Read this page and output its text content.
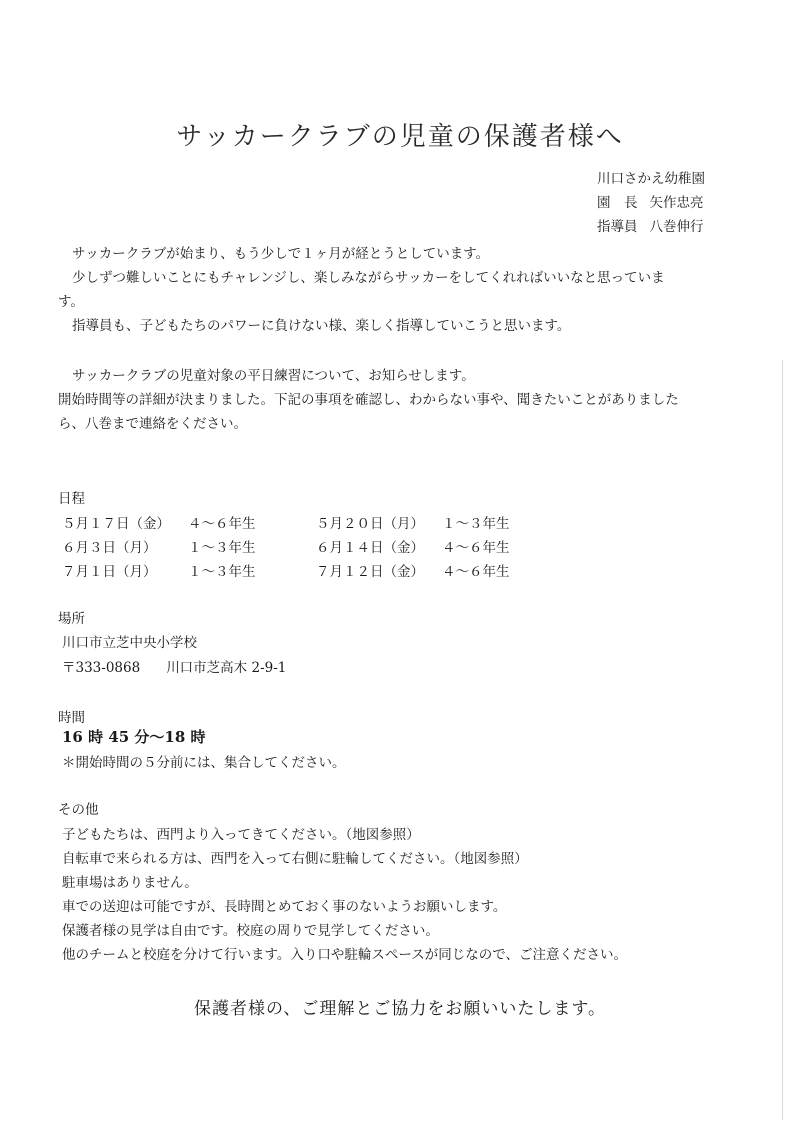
サッカークラブの児童の保護者様へ
川口さかえ幼稚園
園　長 矢作忠亮
指導員 八巻伸行
サッカークラブが始まり、もう少しで１ヶ月が経とうとしています。
少しずつ難しいことにもチャレンジし、楽しみながらサッカーをしてくれればいいなと思っていま
す。
指導員も、子どもたちのパワーに負けない様、楽しく指導していこうと思います。
サッカークラブの児童対象の平日練習について、お知らせします。
開始時間等の詳細が決まりました。下記の事項を確認し、わからない事や、聞きたいことがありました
ら、八巻まで連絡をください。
日程
５月１７日（金） ４～６年生	５月２０日（月） １～３年生
６月３日（月） １～３年生	６月１４日（金） ４～６年生
７月１日（月） １～３年生	７月１２日（金） ４～６年生
場所
川口市立芝中央小学校
〒333-0868 川口市芝高木 2-9-1
時間
16 時 45 分～18 時
＊開始時間の５分前には、集合してください。
その他
子どもたちは、西門より入ってきてください。（地図参照）
自転車で来られる方は、西門を入って右側に駐輪してください。（地図参照）
駐車場はありません。
車での送迎は可能ですが、長時間とめておく事のないようお願いします。
保護者様の見学は自由です。校庭の周りで見学してください。
他のチームと校庭を分けて行います。入り口や駐輪スペースが同じなので、ご注意ください。
保護者様の、ご理解とご協力をお願いいたします。
